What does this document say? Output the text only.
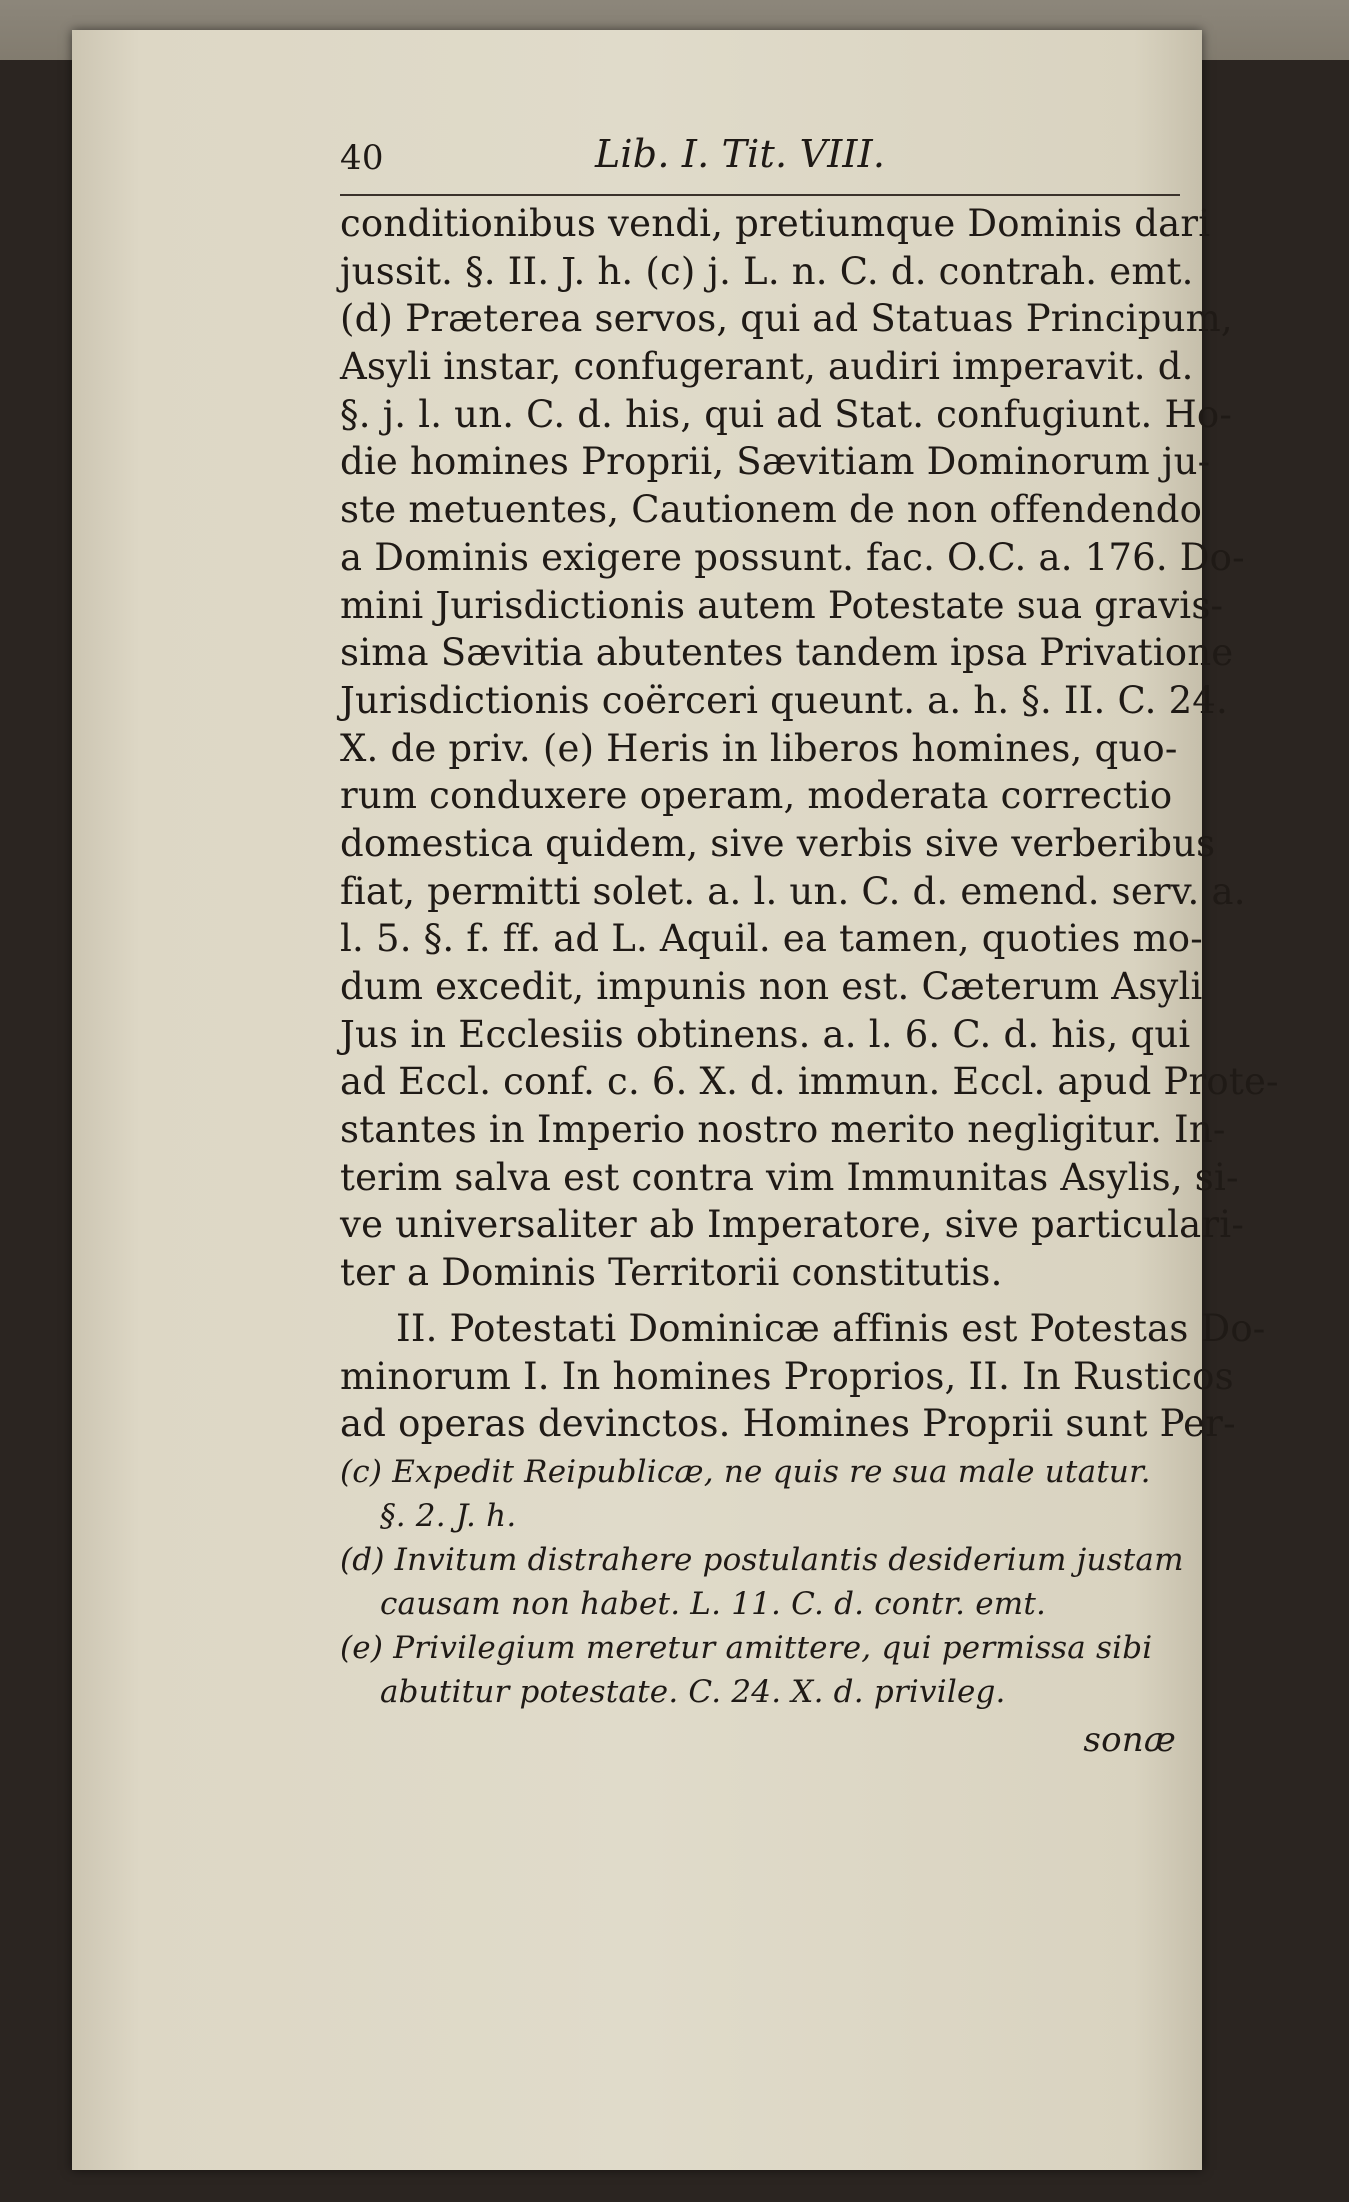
40	Lib. I. Tit. VIII.
conditionibus vendi, pretiumque Dominis dari
jussit. §. II. J. h. (c) j. L. n. C. d. contrah. emt.
(d) Præterea servos, qui ad Statuas Principum,
Asyli instar, confugerant, audiri imperavit. d.
§. j. l. un. C. d. his, qui ad Stat. confugiunt. Ho-
die homines Proprii, Sævitiam Dominorum ju-
ste metuentes, Cautionem de non offendendo
a Dominis exigere possunt. fac. O.C. a. 176. Do-
mini Jurisdictionis autem Potestate sua gravis-
sima Sævitia abutentes tandem ipsa Privatione
Jurisdictionis coërceri queunt. a. h. §. II. C. 24.
X. de priv. (e) Heris in liberos homines, quo-
rum conduxere operam, moderata correctio
domestica quidem, sive verbis sive verberibus
fiat, permitti solet. a. l. un. C. d. emend. serv. a.
l. 5. §. f. ff. ad L. Aquil. ea tamen, quoties mo-
dum excedit, impunis non est. Cæterum Asyli
Jus in Ecclesiis obtinens. a. l. 6. C. d. his, qui
ad Eccl. conf. c. 6. X. d. immun. Eccl. apud Prote-
stantes in Imperio nostro merito negligitur. In-
terim salva est contra vim Immunitas Asylis, si-
ve universaliter ab Imperatore, sive particulari-
ter a Dominis Territorii constitutis.
II. Potestati Dominicæ affinis est Potestas Do-
minorum I. In homines Proprios, II. In Rusticos
ad operas devinctos. Homines Proprii sunt Per-
(c) Expedit Reipublicæ, ne quis re sua male utatur.
§. 2. J. h.
(d) Invitum distrahere postulantis desiderium justam
causam non habet. L. 11. C. d. contr. emt.
(e) Privilegium meretur amittere, qui permissa sibi
abutitur potestate. C. 24. X. d. privileg.
sonæ
